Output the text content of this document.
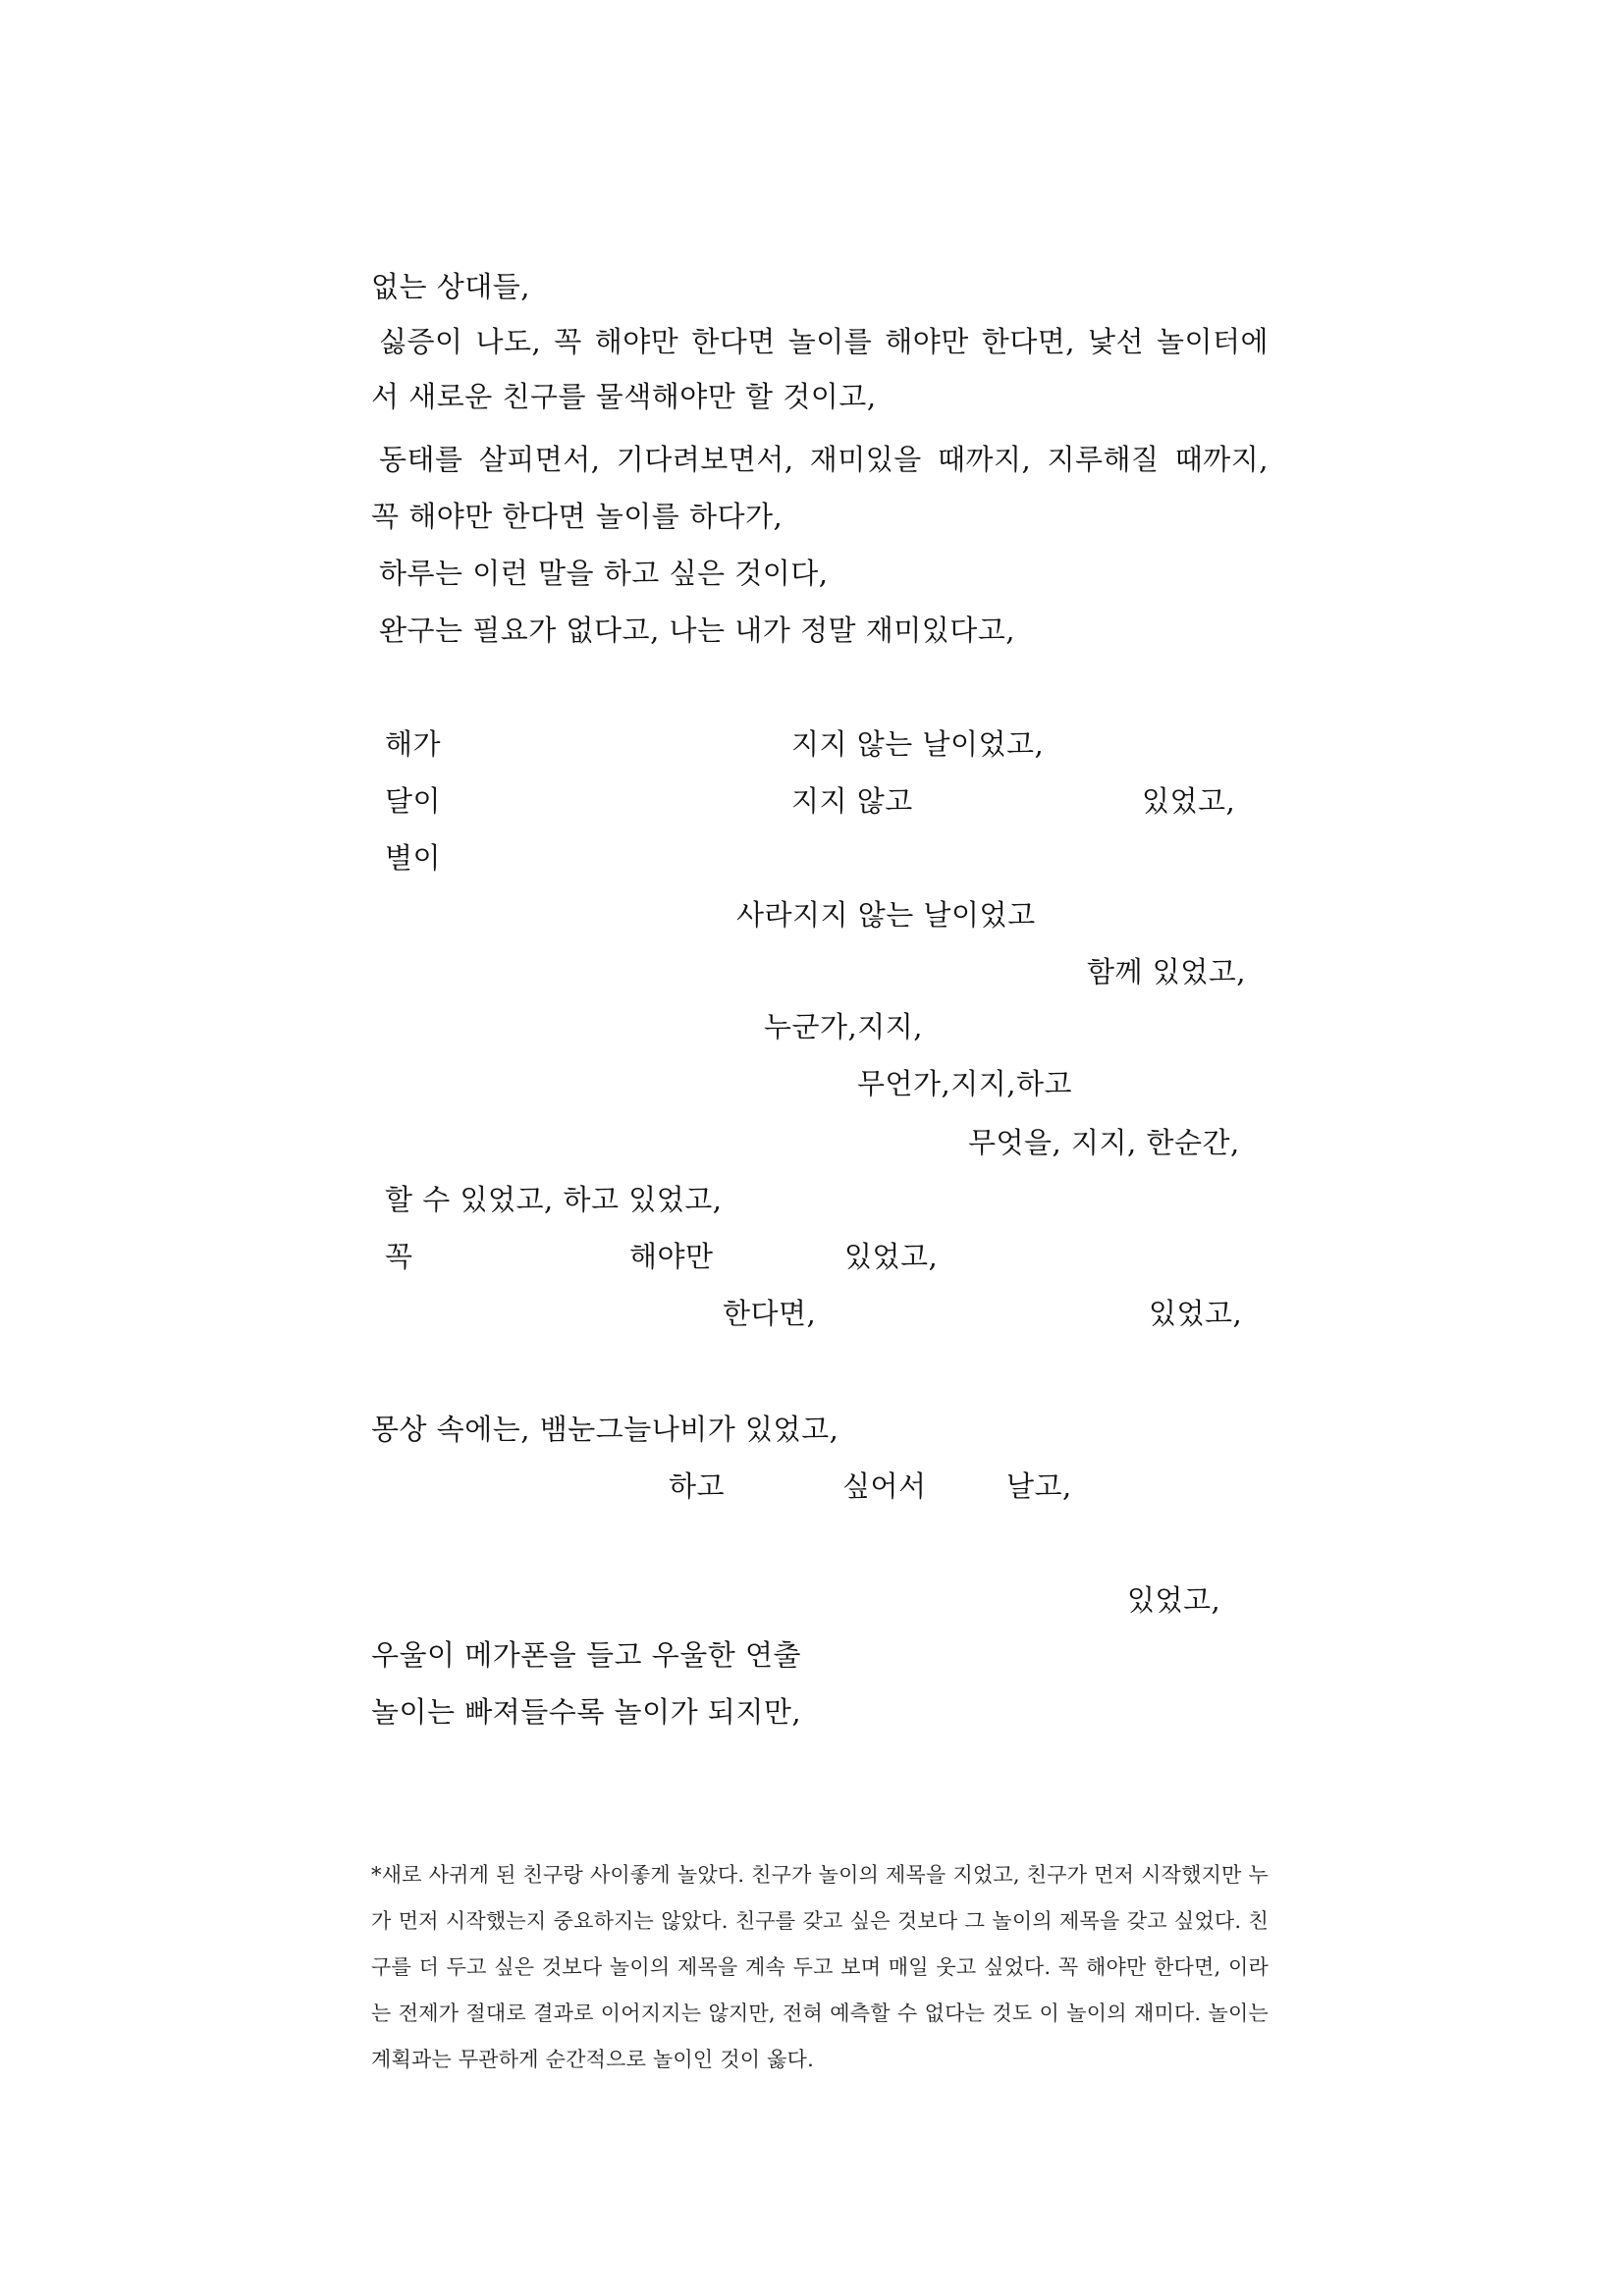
없는 상대들,
싫증이 나도, 꼭 해야만 한다면 놀이를 해야만 한다면, 낯선 놀이터에
서 새로운 친구를 물색해야만 할 것이고,
동태를 살피면서, 기다려보면서, 재미있을 때까지, 지루해질 때까지,
꼭 해야만 한다면 놀이를 하다가,
하루는 이런 말을 하고 싶은 것이다,
완구는 필요가 없다고, 나는 내가 정말 재미있다고,
해가	지지 않는 날이었고,
달이	지지 않고	있었고,
별이
사라지지 않는 날이었고
함께 있었고,
누군가,지지,
무언가,지지,하고
무엇을, 지지, 한순간,
할 수 있었고, 하고 있었고,
꼭	해야만	있었고,
한다면,	있었고,
몽상 속에는, 뱀눈그늘나비가 있었고,
하고	싶어서	날고,
있었고,
우울이 메가폰을 들고 우울한 연출
놀이는 빠져들수록 놀이가 되지만,
*새로 사귀게 된 친구랑 사이좋게 놀았다. 친구가 놀이의 제목을 지었고, 친구가 먼저 시작했지만 누가 먼저 시작했는지 중요하지는 않았다. 친구를 갖고 싶은 것보다 그 놀이의 제목을 갖고 싶었다. 친구를 더 두고 싶은 것보다 놀이의 제목을 계속 두고 보며 매일 웃고 싶었다. 꼭 해야만 한다면, 이라는 전제가 절대로 결과로 이어지지는 않지만, 전혀 예측할 수 없다는 것도 이 놀이의 재미다. 놀이는 계획과는 무관하게 순간적으로 놀이인 것이 옳다.
